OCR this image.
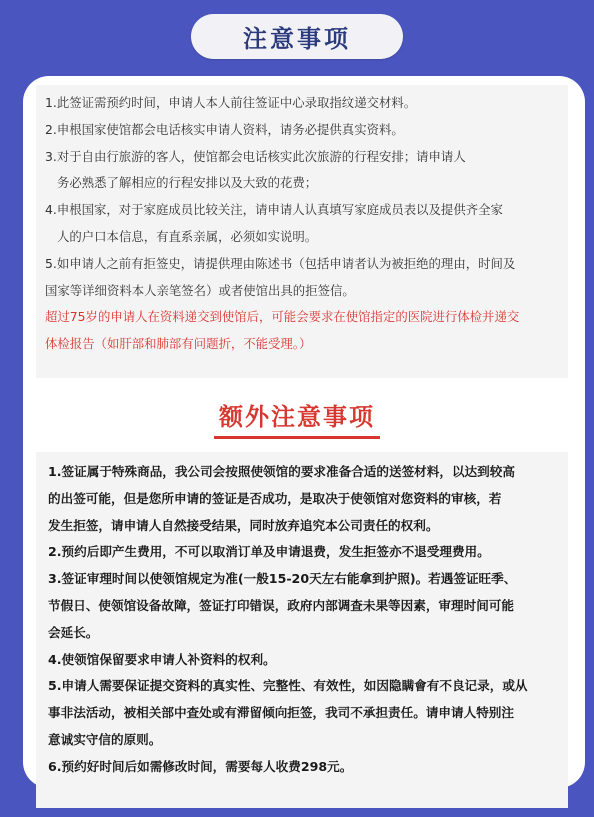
注意事项
1.此签证需预约时间，申请人本人前往签证中心录取指纹递交材料。
2.申根国家使馆都会电话核实申请人资料，请务必提供真实资料。
3.对于自由行旅游的客人，使馆都会电话核实此次旅游的行程安排；请申请人
务必熟悉了解相应的行程安排以及大致的花费；
4.申根国家，对于家庭成员比较关注，请申请人认真填写家庭成员表以及提供齐全家
人的户口本信息，有直系亲属，必须如实说明。
5.如申请人之前有拒签史，请提供理由陈述书（包括申请者认为被拒绝的理由，时间及
国家等详细资料本人亲笔签名）或者使馆出具的拒签信。
超过75岁的申请人在资料递交到使馆后，可能会要求在使馆指定的医院进行体检并递交
体检报告（如肝部和肺部有问题折，不能受理。）
额外注意事项
1.签证属于特殊商品，我公司会按照使领馆的要求准备合适的送签材料，以达到较高
的出签可能，但是您所申请的签证是否成功，是取决于使领馆对您资料的审核，若
发生拒签，请申请人自然接受结果，同时放弃追究本公司责任的权利。
2.预约后即产生费用，不可以取消订单及申请退费，发生拒签亦不退受理费用。
3.签证审理时间以使领馆规定为准(一般15-20天左右能拿到护照)。若遇签证旺季、
节假日、使领馆设备故障，签证打印错误，政府内部调查未果等因素，审理时间可能
会延长。
4.使领馆保留要求申请人补资料的权利。
5.申请人需要保证提交资料的真实性、完整性、有效性，如因隐瞒會有不良记录，或从
事非法活动，被相关部中查处或有滞留倾向拒签，我司不承担责任。请申请人特别注
意诚实守信的原则。
6.预约好时间后如需修改时间，需要每人收费298元。
